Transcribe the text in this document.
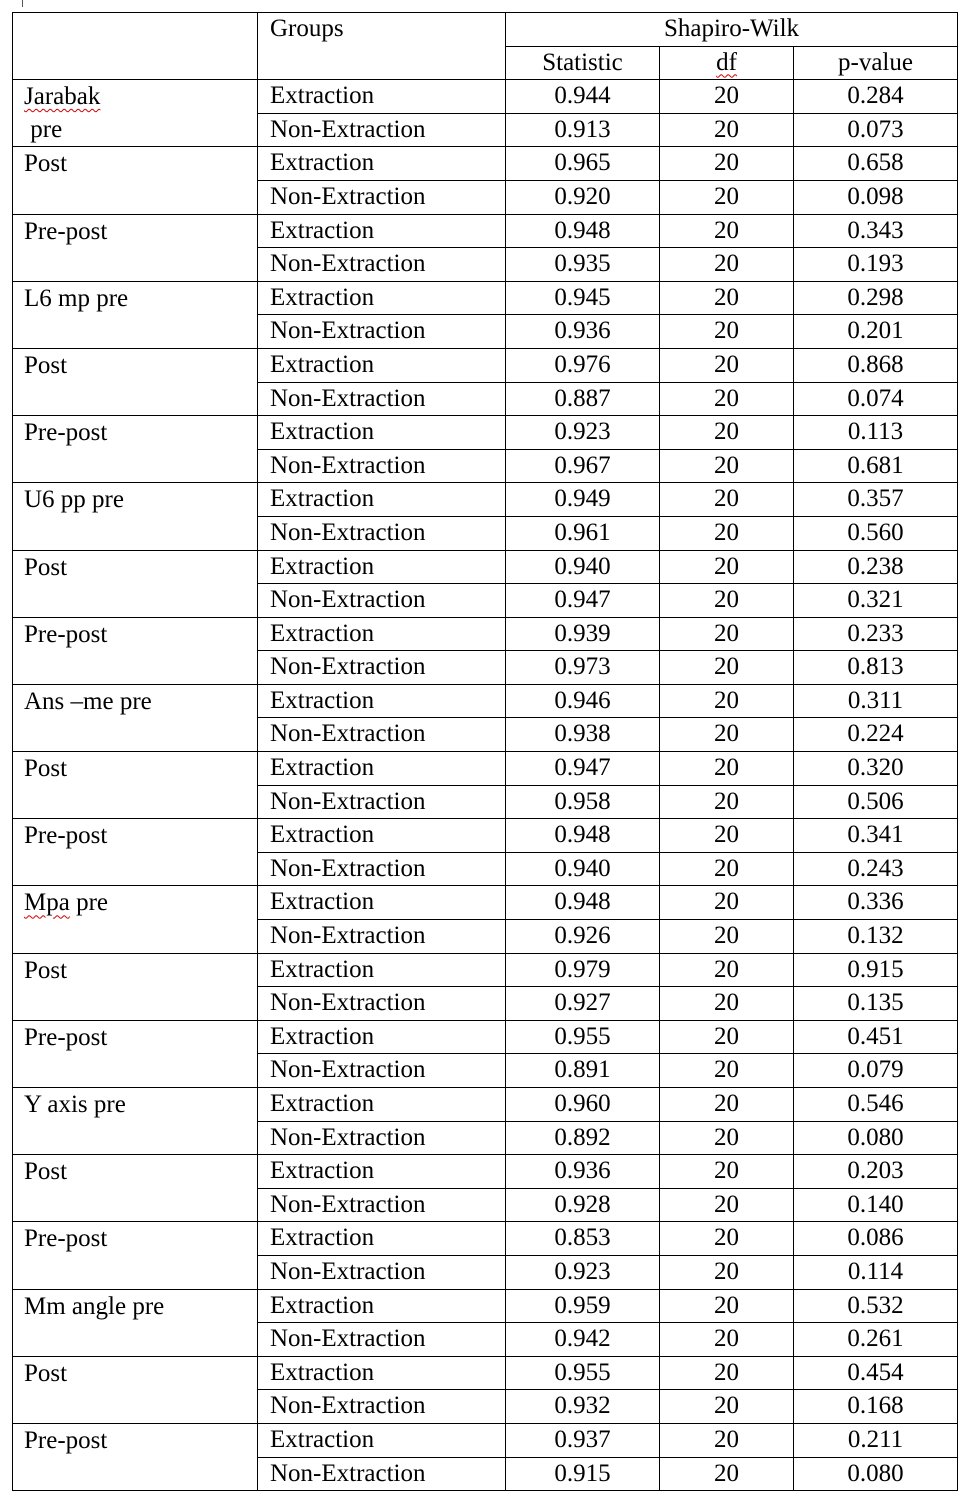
	Groups	Shapiro-Wilk		
		Statistic	df	p-value

Jarabak
pre	Extraction	0.944	20	0.284
	Non-Extraction	0.913	20	0.073
Post	Extraction	0.965	20	0.658
	Non-Extraction	0.920	20	0.098
Pre-post	Extraction	0.948	20	0.343
	Non-Extraction	0.935	20	0.193
L6 mp pre	Extraction	0.945	20	0.298
	Non-Extraction	0.936	20	0.201
Post	Extraction	0.976	20	0.868
	Non-Extraction	0.887	20	0.074
Pre-post	Extraction	0.923	20	0.113
	Non-Extraction	0.967	20	0.681
U6 pp pre	Extraction	0.949	20	0.357
	Non-Extraction	0.961	20	0.560
Post	Extraction	0.940	20	0.238
	Non-Extraction	0.947	20	0.321
Pre-post	Extraction	0.939	20	0.233
	Non-Extraction	0.973	20	0.813
Ans –me pre	Extraction	0.946	20	0.311
	Non-Extraction	0.938	20	0.224
Post	Extraction	0.947	20	0.320
	Non-Extraction	0.958	20	0.506
Pre-post	Extraction	0.948	20	0.341
	Non-Extraction	0.940	20	0.243
Mpa pre	Extraction	0.948	20	0.336
	Non-Extraction	0.926	20	0.132
Post	Extraction	0.979	20	0.915
	Non-Extraction	0.927	20	0.135
Pre-post	Extraction	0.955	20	0.451
	Non-Extraction	0.891	20	0.079
Y axis pre	Extraction	0.960	20	0.546
	Non-Extraction	0.892	20	0.080
Post	Extraction	0.936	20	0.203
	Non-Extraction	0.928	20	0.140
Pre-post	Extraction	0.853	20	0.086
	Non-Extraction	0.923	20	0.114
Mm angle pre	Extraction	0.959	20	0.532
	Non-Extraction	0.942	20	0.261
Post	Extraction	0.955	20	0.454
	Non-Extraction	0.932	20	0.168
Pre-post	Extraction	0.937	20	0.211
	Non-Extraction	0.915	20	0.080
